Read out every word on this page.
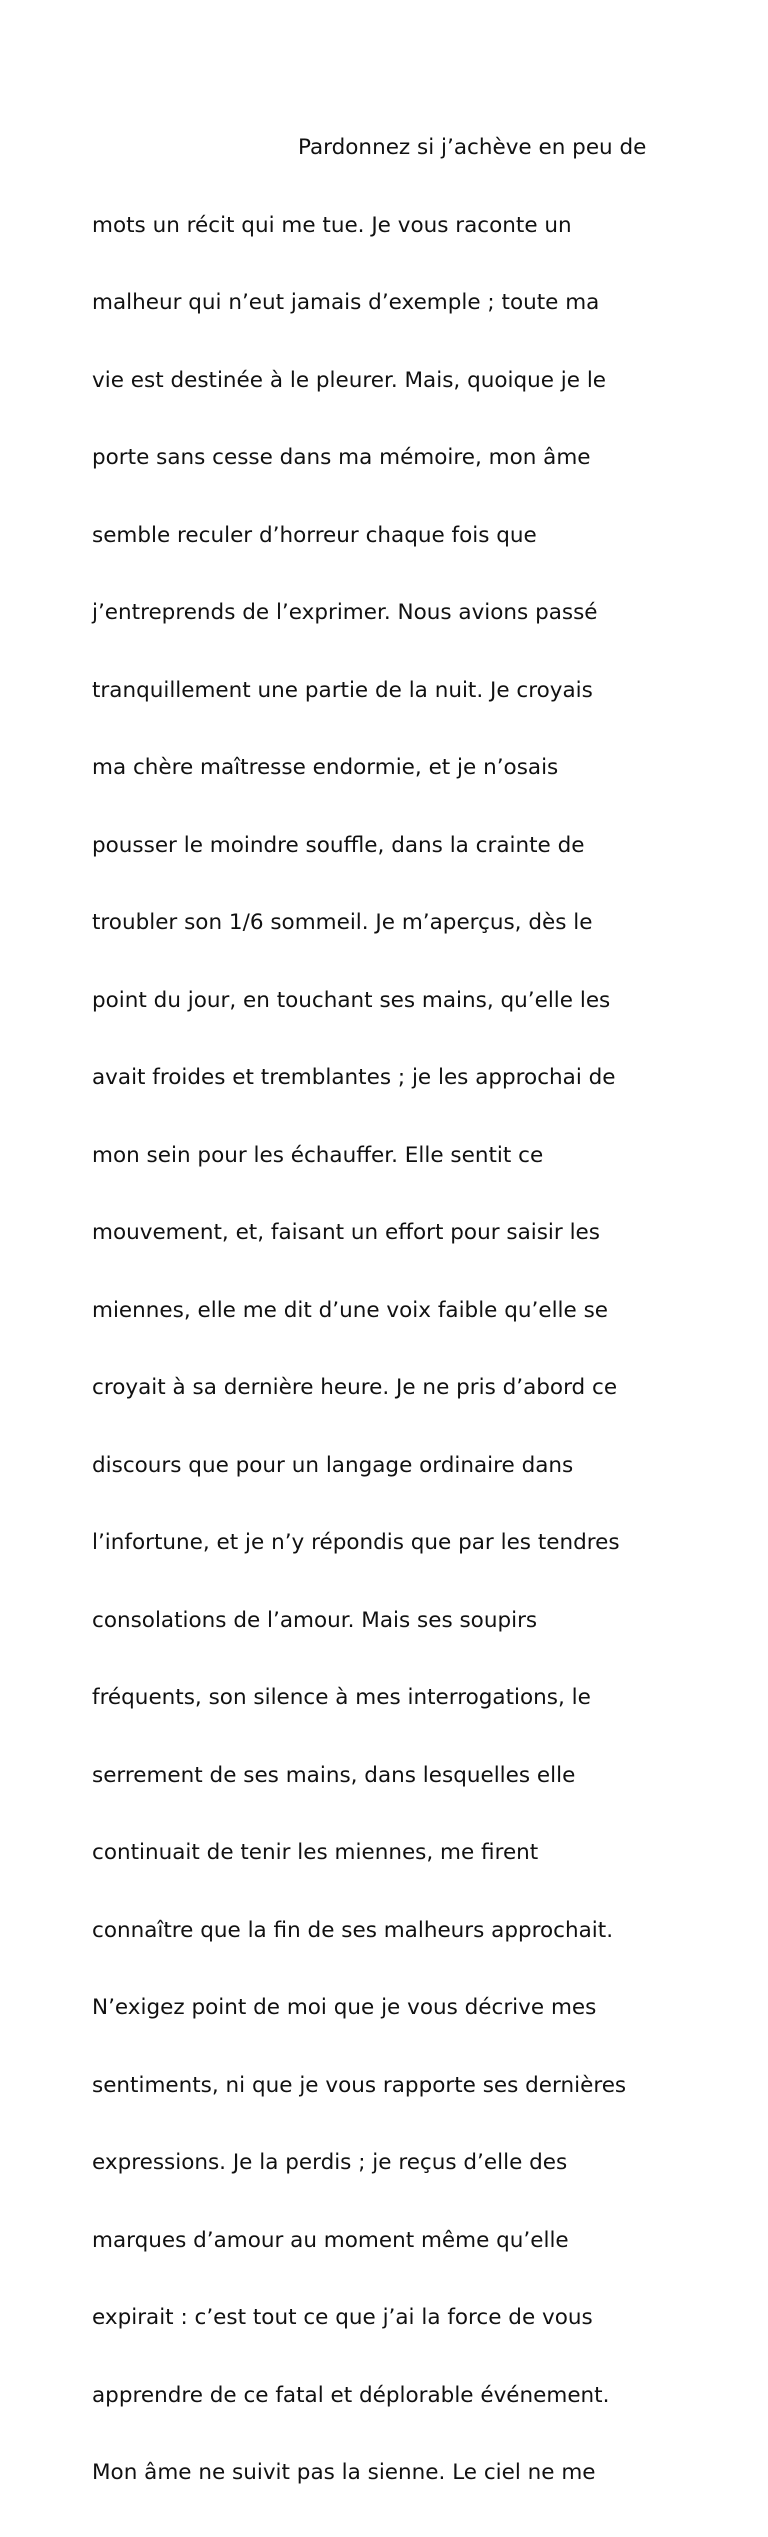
Pardonnez si j’achève en peu de

mots un récit qui me tue. Je vous raconte un

malheur qui n’eut jamais d’exemple ; toute ma

vie est destinée à le pleurer. Mais, quoique je le

porte sans cesse dans ma mémoire, mon âme

semble reculer d’horreur chaque fois que

j’entreprends de l’exprimer. Nous avions passé

tranquillement une partie de la nuit. Je croyais

ma chère maîtresse endormie, et je n’osais

pousser le moindre souffle, dans la crainte de

troubler son 1/6 sommeil. Je m’aperçus, dès le

point du jour, en touchant ses mains, qu’elle les

avait froides et tremblantes ; je les approchai de

mon sein pour les échauffer. Elle sentit ce

mouvement, et, faisant un effort pour saisir les

miennes, elle me dit d’une voix faible qu’elle se

croyait à sa dernière heure. Je ne pris d’abord ce

discours que pour un langage ordinaire dans

l’infortune, et je n’y répondis que par les tendres

consolations de l’amour. Mais ses soupirs

fréquents, son silence à mes interrogations, le

serrement de ses mains, dans lesquelles elle

continuait de tenir les miennes, me firent

connaître que la fin de ses malheurs approchait.

N’exigez point de moi que je vous décrive mes

sentiments, ni que je vous rapporte ses dernières

expressions. Je la perdis ; je reçus d’elle des

marques d’amour au moment même qu’elle

expirait : c’est tout ce que j’ai la force de vous

apprendre de ce fatal et déplorable événement.

Mon âme ne suivit pas la sienne. Le ciel ne me
